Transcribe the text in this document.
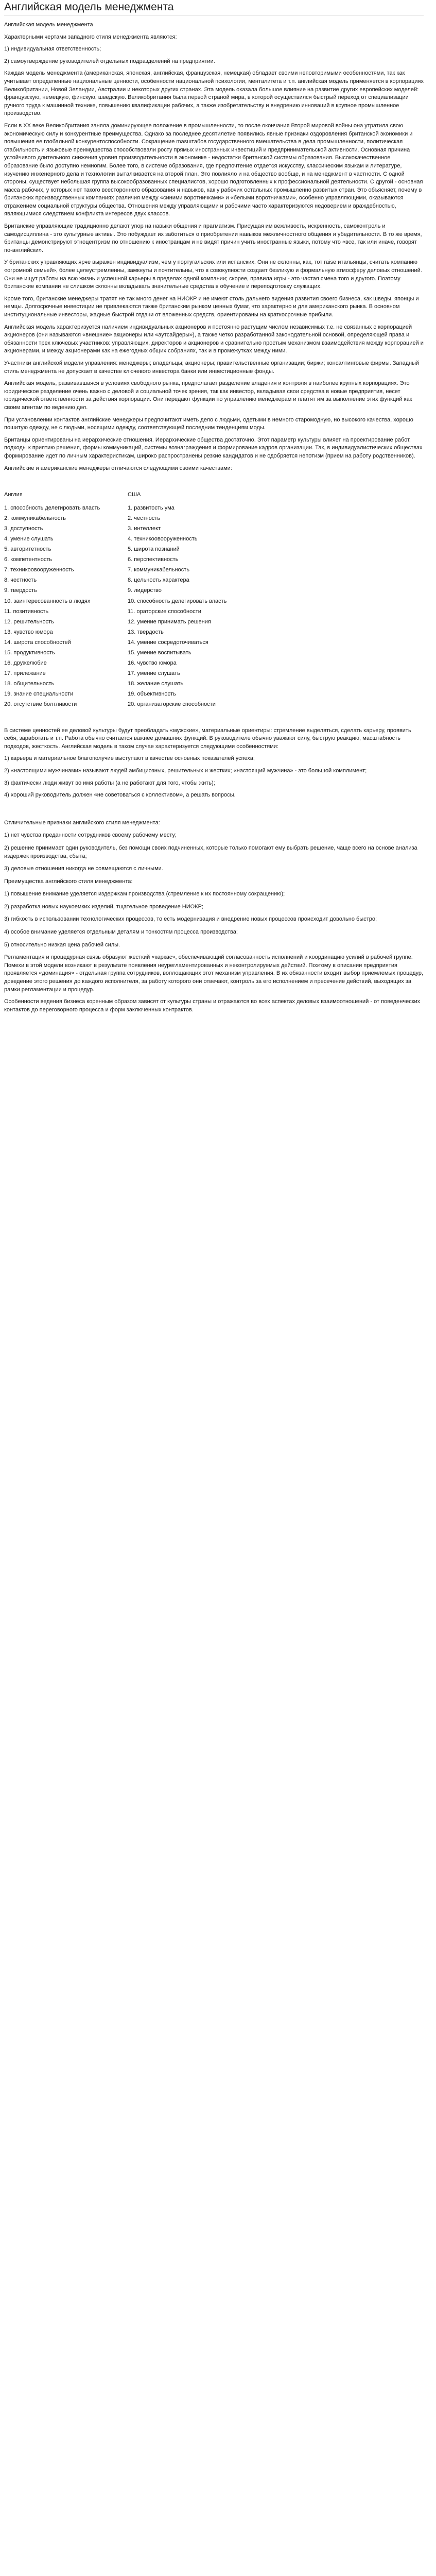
Английская модель менеджмента

Английская модель менеджмента

Характерными чертами западного стиля менеджмента являются:

1) индивидуальная ответственность;

2) самоутверждение руководителей отдельных подразделений на предприятии.

Каждая модель менеджмента (американская, японская, английская, французская, немецкая) обладает своими неповторимыми особенностями, так как учитывает определенные национальные ценности, особенности национальной психологии, менталитета и т.п. английская модель применяется в корпорациях Великобритании, Новой Зеландии, Австралии и некоторых других странах. Эта модель оказала большое влияние на развитие других европейских моделей: французскую, немецкую, финскую, шведскую. Великобритания была первой страной мира, в которой осуществился быстрый переход от специализации ручного труда к машинной технике, повышению квалификации рабочих, а также изобретательству и внедрению инноваций в крупное промышленное производство.

Если в XX веке Великобритания заняла доминирующее положение в промышленности, то после окончания Второй мировой войны она утратила свою экономическую силу и конкурентные преимущества. Однако за последнее десятилетие появились явные признаки оздоровления британской экономики и повышения ее глобальной конкурентоспособности. Сокращение masштабов государственного вмешательства в дела промышленности, политическая стабильность и языковые преимущества способствовали росту прямых иностранных инвестиций и предпринимательской активности. Основная причина устойчивого длительного снижения уровня производительности в экономике - недостатки британской системы образования. Высококачественное образование было доступно немногим. Более того, в системе образования, где предпочтение отдается искусству, классическим языкам и литературе, изучению инженерного дела и технологии выталкивается на второй план. Это повлияло и на общество вообще, и на менеджмент в частности. С одной стороны, существует небольшая группа высокообразованных специалистов, хорошо подготовленных к профессиональной деятельности. С другой - основная масса рабочих, у которых нет такого всестороннего образования и навыков, как у рабочих остальных промышленно развитых стран. Это объясняет, почему в британских производственных компаниях различия между «синими воротничками» и «белыми воротничками», особенно управляющими, оказываются отражением социальной структуры общества. Отношения между управляющими и рабочими часто характеризуются недоверием и враждебностью, являющимися следствием конфликта интересов двух классов.

Британские управляющие традиционно делают упор на навыки общения и прагматизм. Присущая им вежливость, искренность, самоконтроль и самодисциплина - это культурные активы. Это побуждает их заботиться о приобретении навыков межличностного общения и убедительности. В то же время, британцы демонстрируют этноцентризм по отношению к иностранцам и не видят причин учить иностранные языки, потому что «все, так или иначе, говорят по-английски».

У британских управляющих ярче выражен индивидуализм, чем у португальских или испанских. Они не склонны, как, тот raise итальянцы, считать компанию «огромной семьей», более целеустремленны, замкнуты и почтительны, что в совокупности создает безликую и формальную атмосферу деловых отношений. Они не ищут работы на всю жизнь и успешной карьеры в пределах одной компании; скорее, правила игры - это частая смена того и другого. Поэтому британские компании не слишком склонны вкладывать значительные средства в обучение и переподготовку служащих.

Кроме того, британские менеджеры тратят не так много денег на НИОКР и не имеют столь дальнего видения развития своего бизнеса, как шведы, японцы и немцы. Долгосрочные инвестиции не привлекаются также британским рынком ценных бумаг, что характерно и для американского рынка. В основном институциональные инвесторы, жадные быстрой отдачи от вложенных средств, ориентированы на краткосрочные прибыли.

Английская модель характеризуется наличием индивидуальных акционеров и постоянно растущим числом независимых т.е. не связанных с корпорацией акционеров (они называются «внешние» акционеры или «аутсайдеры»), а также четко разработанной законодательной основой, определяющей права и обязанности трех ключевых участников: управляющих, директоров и акционеров и сравнительно простым механизмом взаимодействия между корпорацией и акционерами, и между акционерами как на ежегодных общих собраниях, так и в промежутках между ними.

Участники английской модели управления: менеджеры; владельцы; акционеры; правительственные организации; биржи; консалтинговые фирмы. Западный стиль менеджмента не допускает в качестве ключевого инвестора банки или инвестиционные фонды.

Английская модель, развивавшаяся в условиях свободного рынка, предполагает разделение владения и контроля в наиболее крупных корпорациях. Это юридическое разделение очень важно с деловой и социальной точек зрения, так как инвестор, вкладывая свои средства в новые предприятия, несет юридической ответственности за действия корпорации. Они передают функции по управлению менеджерам и платят им за выполнение этих функций как своим агентам по ведению дел.

При установлении контактов английские менеджеры предпочитают иметь дело с людьми, одетыми в немного старомодную, но высокого качества, хорошо пошитую одежду, не с людьми, носящими одежду, соответствующей последним тенденциям моды.

Британцы ориентированы на иерархические отношения. Иерархические общества достаточно. Этот параметр культуры влияет на проектирование работ, подходы к приятию решения, формы коммуникаций, системы вознаграждения и формирование кадров организации. Так, в индивидуалистических обществах формирование идет по личным характеристикам, широко распространены резкие кандидатов и не одобряется непотизм (прием на работу родственников).

Английские и американские менеджеры отличаются следующими своими качествами:

Англия	США
1. способность делегировать власть	1. развитость ума
2. коммуникабельность	2. честность
3. доступность	3. интеллект
4. умение слушать	4. техникоовооруженность
5. авторитетность	5. широта познаний
6. компетентность	6. перспективность
7. техникоовооруженность	7. коммуникабельность
8. честность	8. цельность характера
9. твердость	9. лидерство
10. заинтересованность в людях	10. способность делегировать власть
11. позитивность	11. ораторские способности
12. решительность	12. умение принимать решения
13. чувство юмора	13. твердость
14. широта способностей	14. умение сосредоточиваться
15. продуктивность	15. умение воспитывать
16. дружелюбие	16. чувство юмора
17. прилежание	17. умение слушать
18. общительность	18. желание слушать
19. знание специальности	19. объективность
20. отсутствие болтливости	20. организаторские способности

В системе ценностей ее деловой культуры будут преобладать «мужские», материальные ориентиры: стремление выделяться, сделать карьеру, проявить себя, заработать и т.п. Работа обычно считается важнее домашних функций. В руководителе обычно уважают силу, быструю реакцию, масштабность подходов, жесткость. Английская модель в таком случае характеризуется следующими особенностями:

1) карьера и материальное благополучие выступают в качестве основных показателей успеха;

2) «настоящими мужчинами» называют людей амбициозных, решительных и жестких; «настоящий мужчина» - это большой комплимент;

3) фактически люди живут во имя работы (а не работают для того, чтобы жить);

4) хороший руководитель должен «не советоваться с коллективом», а решать вопросы.

Отличительные признаки английского стиля менеджмента:

1) нет чувства преданности сотрудников своему рабочему месту;

2) решение принимает один руководитель, без помощи своих подчиненных, которые только помогают ему выбрать решение, чаще всего на основе анализа издержек производства, сбыта;

3) деловые отношения никогда не совмещаются с личными.

Преимущества английского стиля менеджмента:

1) повышение внимание уделяется издержкам производства (стремление к их постоянному сокращению);

2) разработка новых наукоемких изделий, тщательное проведение НИОКР;

3) гибкость в использовании технологических процессов, то есть модернизация и внедрение новых процессов происходит довольно быстро;

4) особое внимание уделяется отдельным деталям и тонкостям процесса производства;

5) относительно низкая цена рабочей силы.

Регламентация и процедурная связь образуют жесткий «каркас», обеспечивающий согласованность исполнений и координацию усилий в рабочей группе. Помехи в этой модели возникают в результате появления неурегламентированных и неконтролируемых действий. Поэтому в описании предприятия проявляется «доминация» - отдельная группа сотрудников, воплощающих этот механизм управления. В их обязанности входит выбор приемлемых процедур, доведение этого решения до каждого исполнителя, за работу которого они отвечают, контроль за его исполнением и пресечение действий, выходящих за рамки регламентации и процедур.

Особенности ведения бизнеса коренным образом зависят от культуры страны и отражаются во всех аспектах деловых взаимоотношений - от поведенческих контактов до переговорного процесса и форм заключенных контрактов.
